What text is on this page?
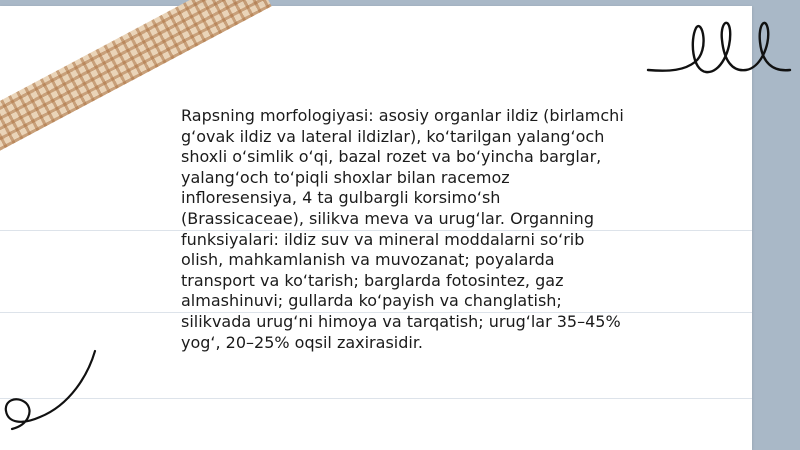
Rapsning morfologiyasi: asosiy organlar ildiz (birlamchi g‘ovak ildiz va lateral ildizlar), ko‘tarilgan yalang‘och shoxli o‘simlik o‘qi, bazal rozet va bo‘yincha barglar, yalang‘och to‘piqli shoxlar bilan racemoz infloresensiya, 4 ta gulbargli korsimo‘sh (Brassicaceae), silikva meva va urug‘lar. Organning funksiyalari: ildiz suv va mineral moddalarni so‘rib olish, mahkamlanish va muvozanat; poyalarda transport va ko‘tarish; barglarda fotosintez, gaz almashinuvi; gullarda ko‘payish va changlatish; silikvada urug‘ni himoya va tarqatish; urug‘lar 35–45% yog‘, 20–25% oqsil zaxirasidir.
